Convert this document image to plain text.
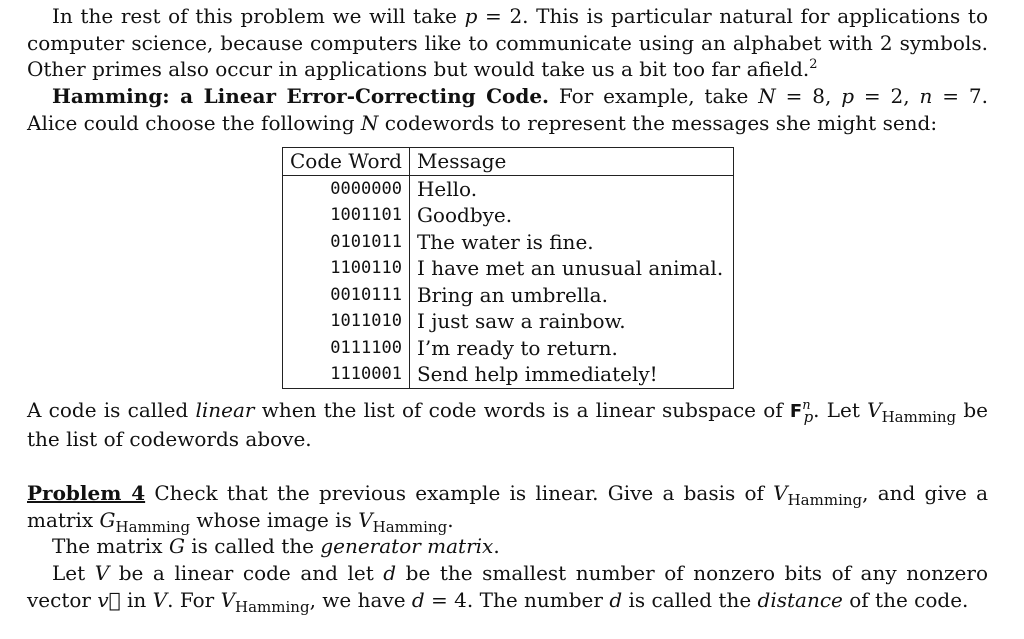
In the rest of this problem we will take p = 2. This is particular natural for applications to computer science, because computers like to communicate using an alphabet with 2 symbols. Other primes also occur in applications but would take us a bit too far afield.$^2$

Hamming: a Linear Error-Correcting Code. For example, take N = 8, p = 2, n = 7.

Alice could choose the following N codewords to represent the messages she might send:

Code Word	Message
0000000	Hello.
1001101	Goodbye.
0101011	The water is fine.
1100110	I have met an unusual animal.
0010111	Bring an umbrella.
1011010	I just saw a rainbow.
0111100	I’m ready to return.
1110001	Send help immediately!

A code is called linear when the list of code words is a linear subspace of $F^n_p$. Let $V_{Hamming}$ be the list of codewords above.

Problem 4 Check that the previous example is linear. Give a basis of $V_{Hamming}$, and give a matrix $G_{Hamming}$ whose image is $V_{Hamming}$.

The matrix G is called the generator matrix.

Let V be a linear code and let d be the smallest number of nonzero bits of any nonzero vector v⃗ in V. For $V_{Hamming}$, we have d = 4. The number d is called the distance of the code.
